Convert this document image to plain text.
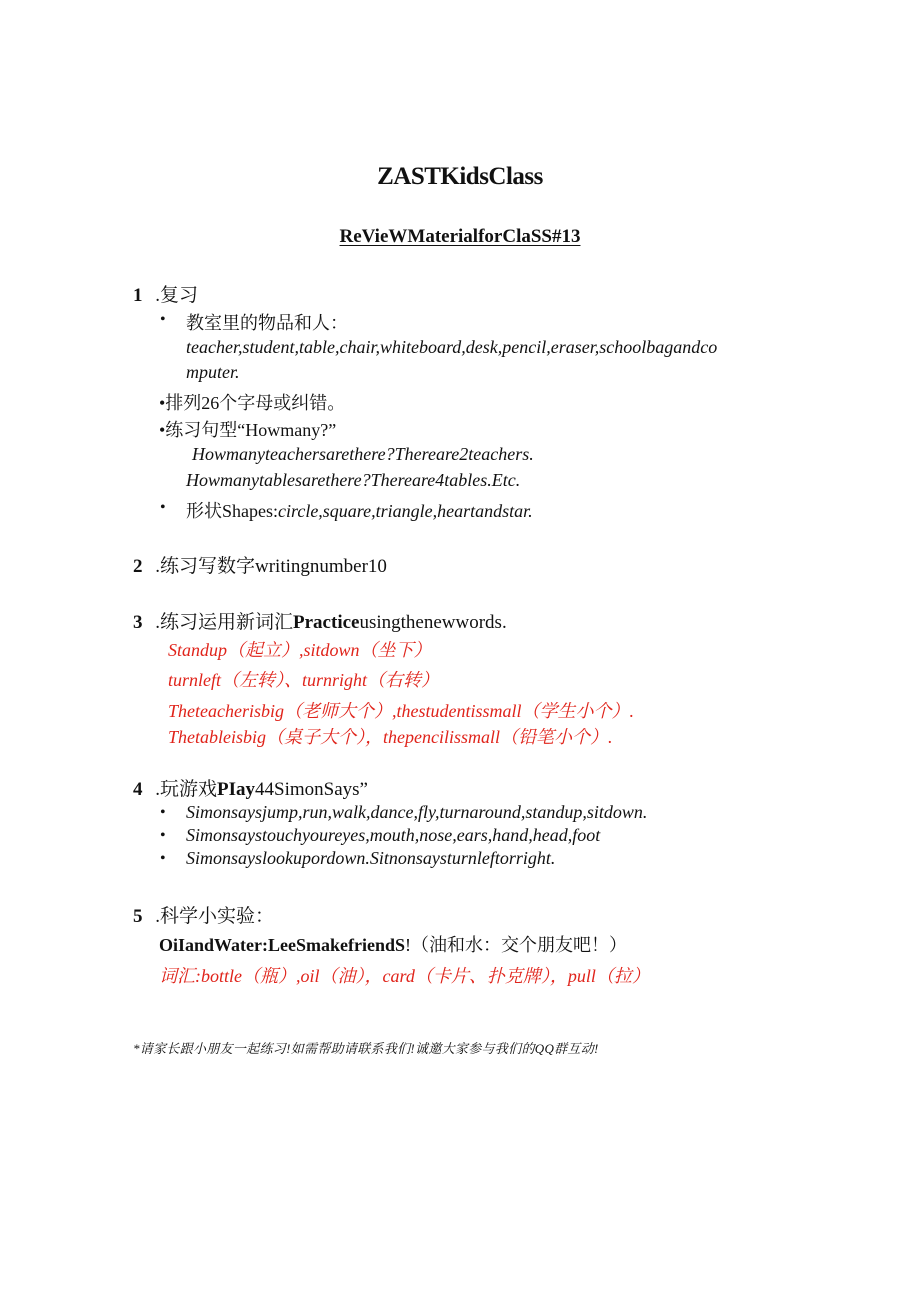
ZASTKidsClass
ReVieWMaterialforClaSS#13
1 .复习
• 教室里的物品和人：
teacher,student,table,chair,whiteboard,desk,pencil,eraser,schoolbagandco
mputer.
•排列26个字母或纠错。
•练习句型“Howmany?”
Howmanyteachersarethere?Thereare2teachers.
Howmanytablesarethere?Thereare4tables.Etc.
• 形状Shapes:circle,square,triangle,heartandstar.
2 .练习写数字writingnumber10
3 .练习运用新词汇Practiceusingthenewwords.
Standup（起立）,sitdown（坐下）
turnleft（左转）、turnright（右转）
Theteacherisbig（老师大个）,thestudentissmall（学生小个）.
Thetableisbig（桌子大个），thepencilissmall（铅笔小个）.
4 .玩游戏PIay44SimonSays”
• Simonsaysjump,run,walk,dance,fly,turnaround,standup,sitdown.
• Simonsaystouchyoureyes,mouth,nose,ears,hand,head,foot
• Simonsayslookupordown.Sitnonsaysturnleftorright.
5 .科学小实验：
OiIandWater:LeeSmakefriendS!（油和水：交个朋友吧！）
词汇:bottle（瓶）,oil（油），card（卡片、扑克牌），pull（拉）
*请家长跟小朋友一起练习!如需帮助请联系我们!诚邀大家参与我们的QQ群互动!
